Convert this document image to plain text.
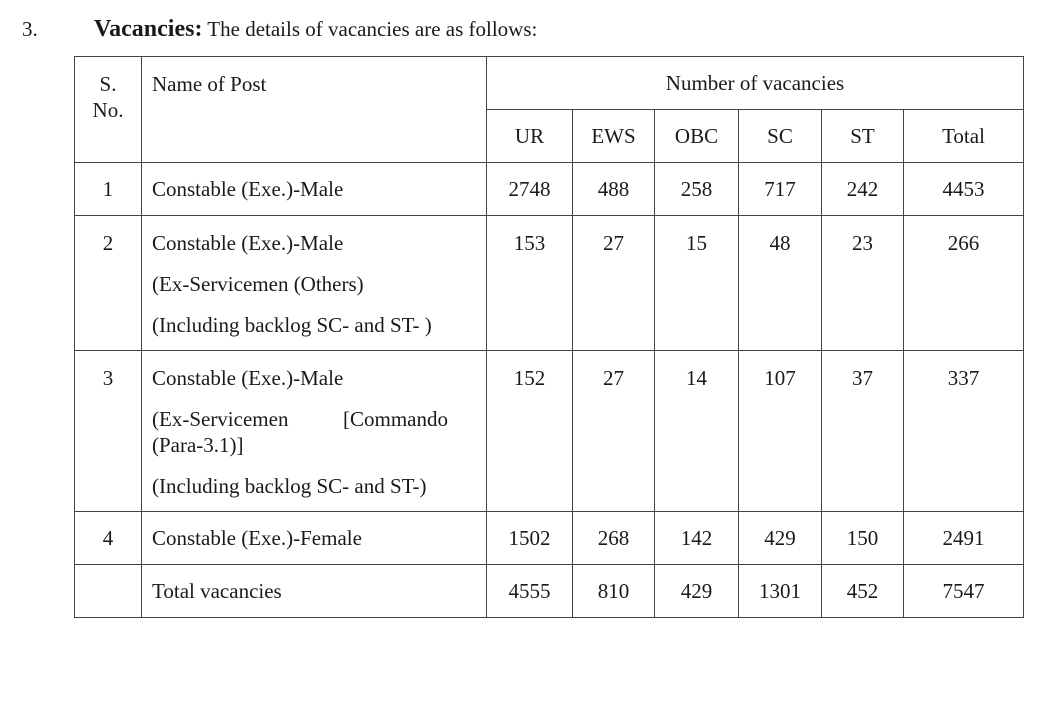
3. Vacancies: The details of vacancies are as follows:
S.
No.	Name of Post	Number of vacancies					
		UR	EWS	OBC	SC	ST	Total
1	Constable (Exe.)-Male	2748	488	258	717	242	4453
2	Constable (Exe.)-Male
(Ex-Servicemen (Others)
(Including backlog SC- and ST- )	153	27	15	48	23	266
3	Constable (Exe.)-Male
(Ex-Servicemen [Commando (Para-3.1)]
(Including backlog SC- and ST-)	152	27	14	107	37	337
4	Constable (Exe.)-Female	1502	268	142	429	150	2491
	Total vacancies	4555	810	429	1301	452	7547
